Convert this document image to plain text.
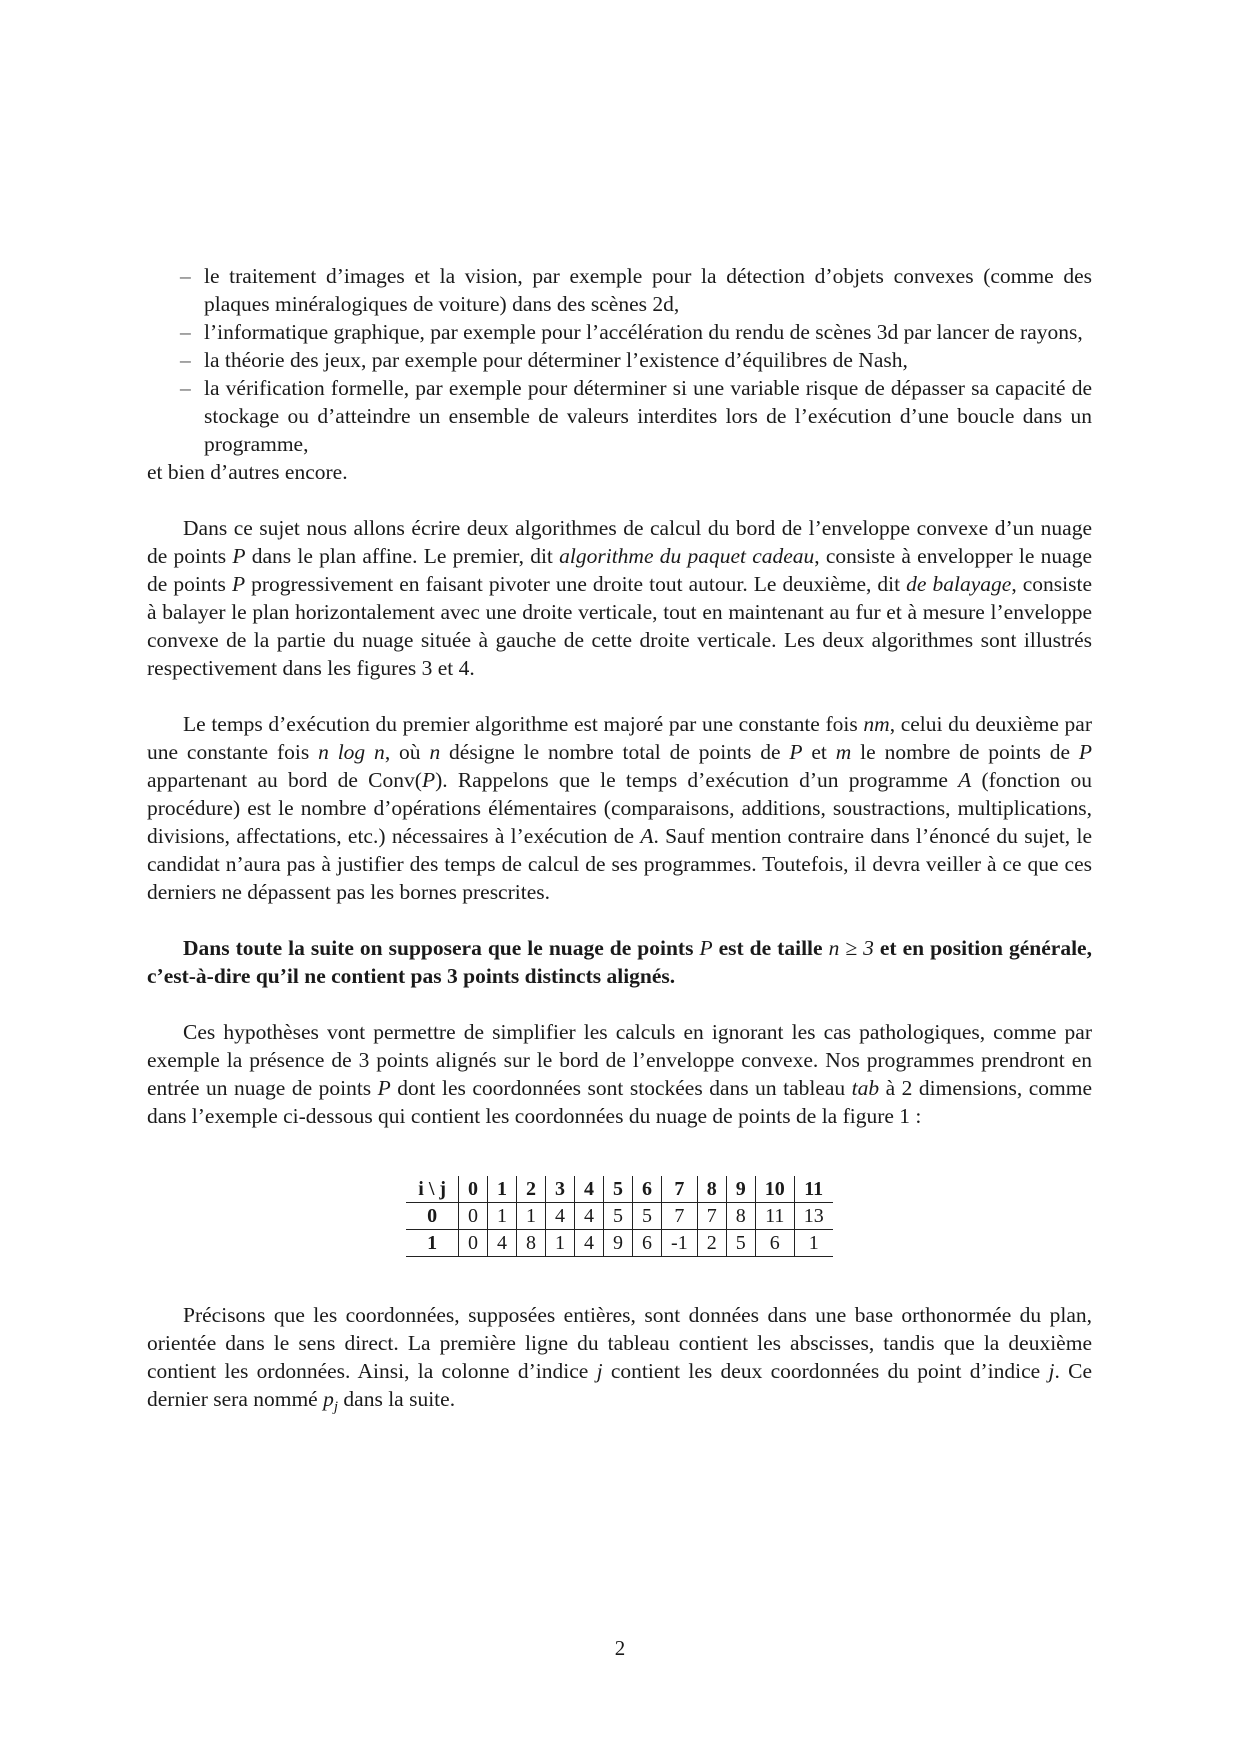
– le traitement d’images et la vision, par exemple pour la détection d’objets convexes (comme des plaques minéralogiques de voiture) dans des scènes 2d,
– l’informatique graphique, par exemple pour l’accélération du rendu de scènes 3d par lancer de rayons,
– la théorie des jeux, par exemple pour déterminer l’existence d’équilibres de Nash,
– la vérification formelle, par exemple pour déterminer si une variable risque de dépasser sa capacité de stockage ou d’atteindre un ensemble de valeurs interdites lors de l’exécution d’une boucle dans un programme,

et bien d’autres encore.

Dans ce sujet nous allons écrire deux algorithmes de calcul du bord de l’enveloppe convexe d’un nuage de points P dans le plan affine. Le premier, dit algorithme du paquet cadeau, consiste à envelopper le nuage de points P progressivement en faisant pivoter une droite tout autour. Le deuxième, dit de balayage, consiste à balayer le plan horizontalement avec une droite verticale, tout en maintenant au fur et à mesure l’enveloppe convexe de la partie du nuage située à gauche de cette droite verticale. Les deux algorithmes sont illustrés respectivement dans les figures 3 et 4.

Le temps d’exécution du premier algorithme est majoré par une constante fois nm, celui du deuxième par une constante fois n log n, où n désigne le nombre total de points de P et m le nombre de points de P appartenant au bord de Conv(P). Rappelons que le temps d’exécution d’un programme A (fonction ou procédure) est le nombre d’opérations élémentaires (comparaisons, additions, soustractions, multiplications, divisions, affectations, etc.) nécessaires à l’exécution de A. Sauf mention contraire dans l’énoncé du sujet, le candidat n’aura pas à justifier des temps de calcul de ses programmes. Toutefois, il devra veiller à ce que ces derniers ne dépassent pas les bornes prescrites.

Dans toute la suite on supposera que le nuage de points P est de taille n ≥ 3 et en position générale, c’est-à-dire qu’il ne contient pas 3 points distincts alignés.

Ces hypothèses vont permettre de simplifier les calculs en ignorant les cas pathologiques, comme par exemple la présence de 3 points alignés sur le bord de l’enveloppe convexe. Nos programmes prendront en entrée un nuage de points P dont les coordonnées sont stockées dans un tableau tab à 2 dimensions, comme dans l’exemple ci-dessous qui contient les coordonnées du nuage de points de la figure 1 :

i \ j	0	1	2	3	4	5	6	7	8	9	10	11
0	0	1	1	4	4	5	5	7	7	8	11	13
1	0	4	8	1	4	9	6	-1	2	5	6	1

Précisons que les coordonnées, supposées entières, sont données dans une base orthonormée du plan, orientée dans le sens direct. La première ligne du tableau contient les abscisses, tandis que la deuxième contient les ordonnées. Ainsi, la colonne d’indice j contient les deux coordonnées du point d’indice j. Ce dernier sera nommé $p_j$ dans la suite.

2
